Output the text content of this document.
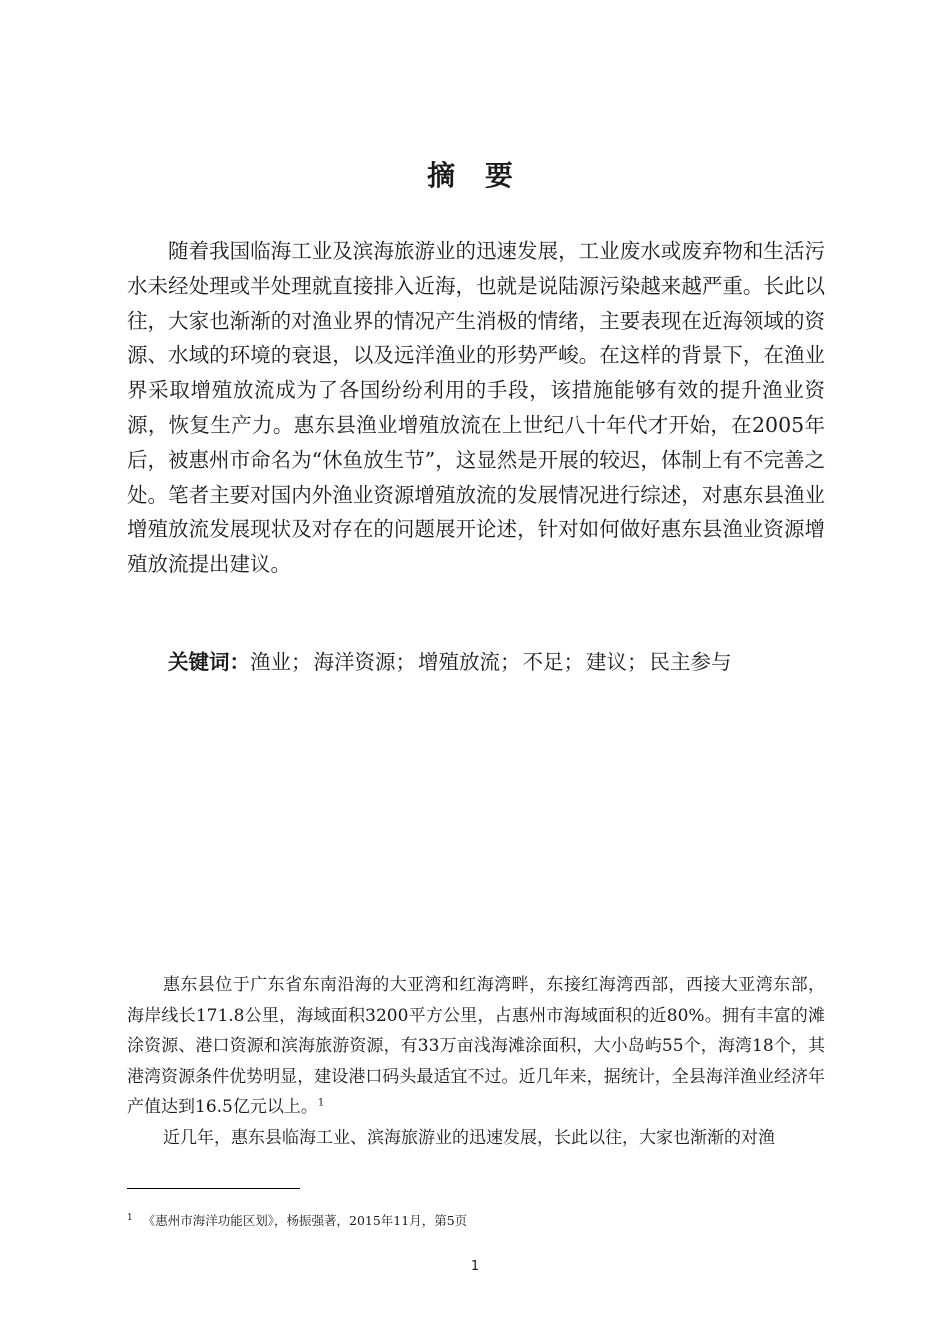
摘 要

随着我国临海工业及滨海旅游业的迅速发展，工业废水或废弃物和生活污水未经处理或半处理就直接排入近海，也就是说陆源污染越来越严重。长此以往，大家也渐渐的对渔业界的情况产生消极的情绪，主要表现在近海领域的资源、水域的环境的衰退，以及远洋渔业的形势严峻。在这样的背景下，在渔业界采取增殖放流成为了各国纷纷利用的手段，该措施能够有效的提升渔业资源，恢复生产力。惠东县渔业增殖放流在上世纪八十年代才开始，在2005年后，被惠州市命名为“休鱼放生节”，这显然是开展的较迟，体制上有不完善之处。笔者主要对国内外渔业资源增殖放流的发展情况进行综述，对惠东县渔业增殖放流发展现状及对存在的问题展开论述，针对如何做好惠东县渔业资源增殖放流提出建议。

关键词：渔业；海洋资源；增殖放流；不足；建议；民主参与

惠东县位于广东省东南沿海的大亚湾和红海湾畔，东接红海湾西部，西接大亚湾东部，海岸线长171.8公里，海域面积3200平方公里，占惠州市海域面积的近80%。拥有丰富的滩涂资源、港口资源和滨海旅游资源，有33万亩浅海滩涂面积，大小岛屿55个，海湾18个，其港湾资源条件优势明显，建设港口码头最适宜不过。近几年来，据统计，全县海洋渔业经济年产值达到16.5亿元以上。$^1$

近几年，惠东县临海工业、滨海旅游业的迅速发展，长此以往，大家也渐渐的对渔

$^1$ 《惠州市海洋功能区划》，杨振强著，2015年11月，第5页
1
